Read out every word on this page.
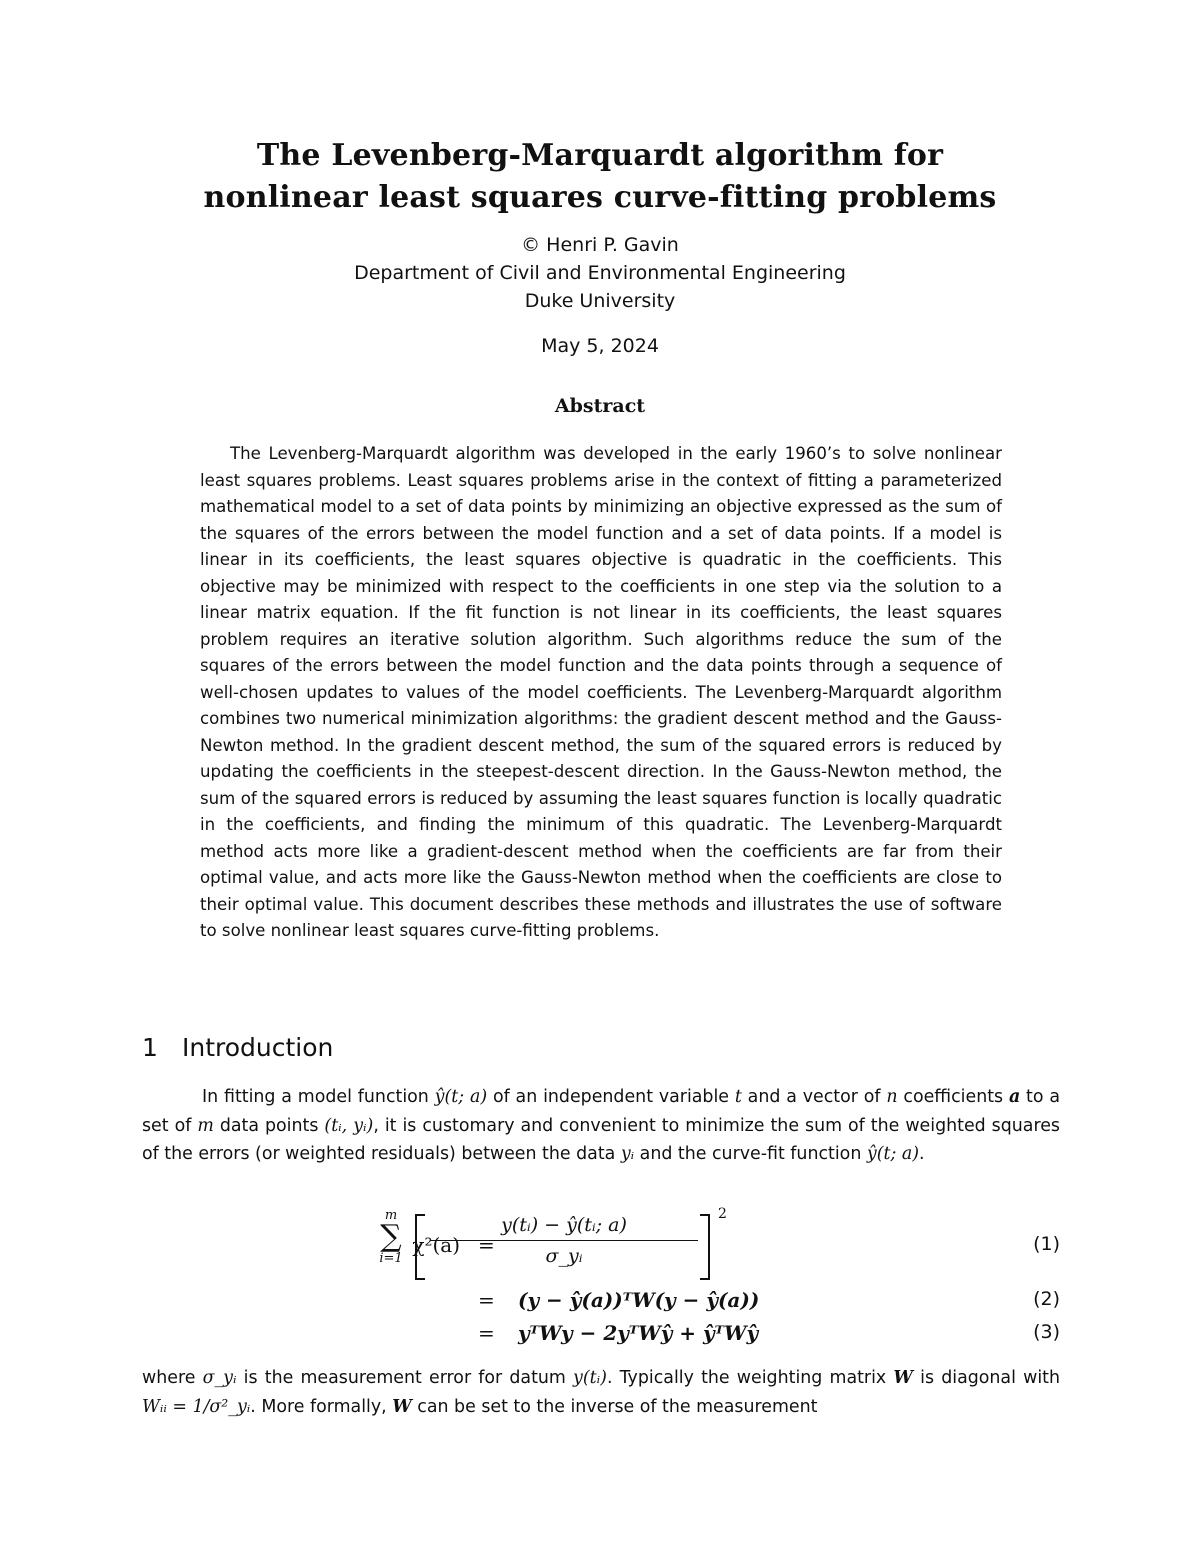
The Levenberg-Marquardt algorithm for
nonlinear least squares curve-fitting problems
© Henri P. Gavin
Department of Civil and Environmental Engineering
Duke University
May 5, 2024
Abstract

The Levenberg-Marquardt algorithm was developed in the early 1960’s to solve nonlinear least squares problems. Least squares problems arise in the context of fitting a parameterized mathematical model to a set of data points by minimizing an objective expressed as the sum of the squares of the errors between the model function and a set of data points. If a model is linear in its coefficients, the least squares objective is quadratic in the coefficients. This objective may be minimized with respect to the coefficients in one step via the solution to a linear matrix equation. If the fit function is not linear in its coefficients, the least squares problem requires an iterative solution algorithm. Such algorithms reduce the sum of the squares of the errors between the model function and the data points through a sequence of well-chosen updates to values of the model coefficients. The Levenberg-Marquardt algorithm combines two numerical minimization algorithms: the gradient descent method and the Gauss-Newton method. In the gradient descent method, the sum of the squared errors is reduced by updating the coefficients in the steepest-descent direction. In the Gauss-Newton method, the sum of the squared errors is reduced by assuming the least squares function is locally quadratic in the coefficients, and finding the minimum of this quadratic. The Levenberg-Marquardt method acts more like a gradient-descent method when the coefficients are far from their optimal value, and acts more like the Gauss-Newton method when the coefficients are close to their optimal value. This document describes these methods and illustrates the use of software to solve nonlinear least squares curve-fitting problems.

1 Introduction

In fitting a model function ŷ(t; a) of an independent variable t and a vector of n coefficients a to a set of m data points (tᵢ, yᵢ), it is customary and convenient to minimize the sum of the weighted squares of the errors (or weighted residuals) between the data yᵢ and the curve-fit function ŷ(t; a).

χ²(a) =	(1)
m
∑
$i=1 \frac{\text{y(tᵢ) − ŷ(tᵢ; a)}}{\text{σ\_yᵢ}} 2$
= (y − ŷ(a))ᵀW(y − ŷ(a))	(2)
= yᵀWy − 2yᵀWŷ + ŷᵀWŷ	(3)

where σ_yᵢ is the measurement error for datum y(tᵢ). Typically the weighting matrix W is diagonal with Wᵢᵢ = 1/σ²_yᵢ. More formally, W can be set to the inverse of the measurement
